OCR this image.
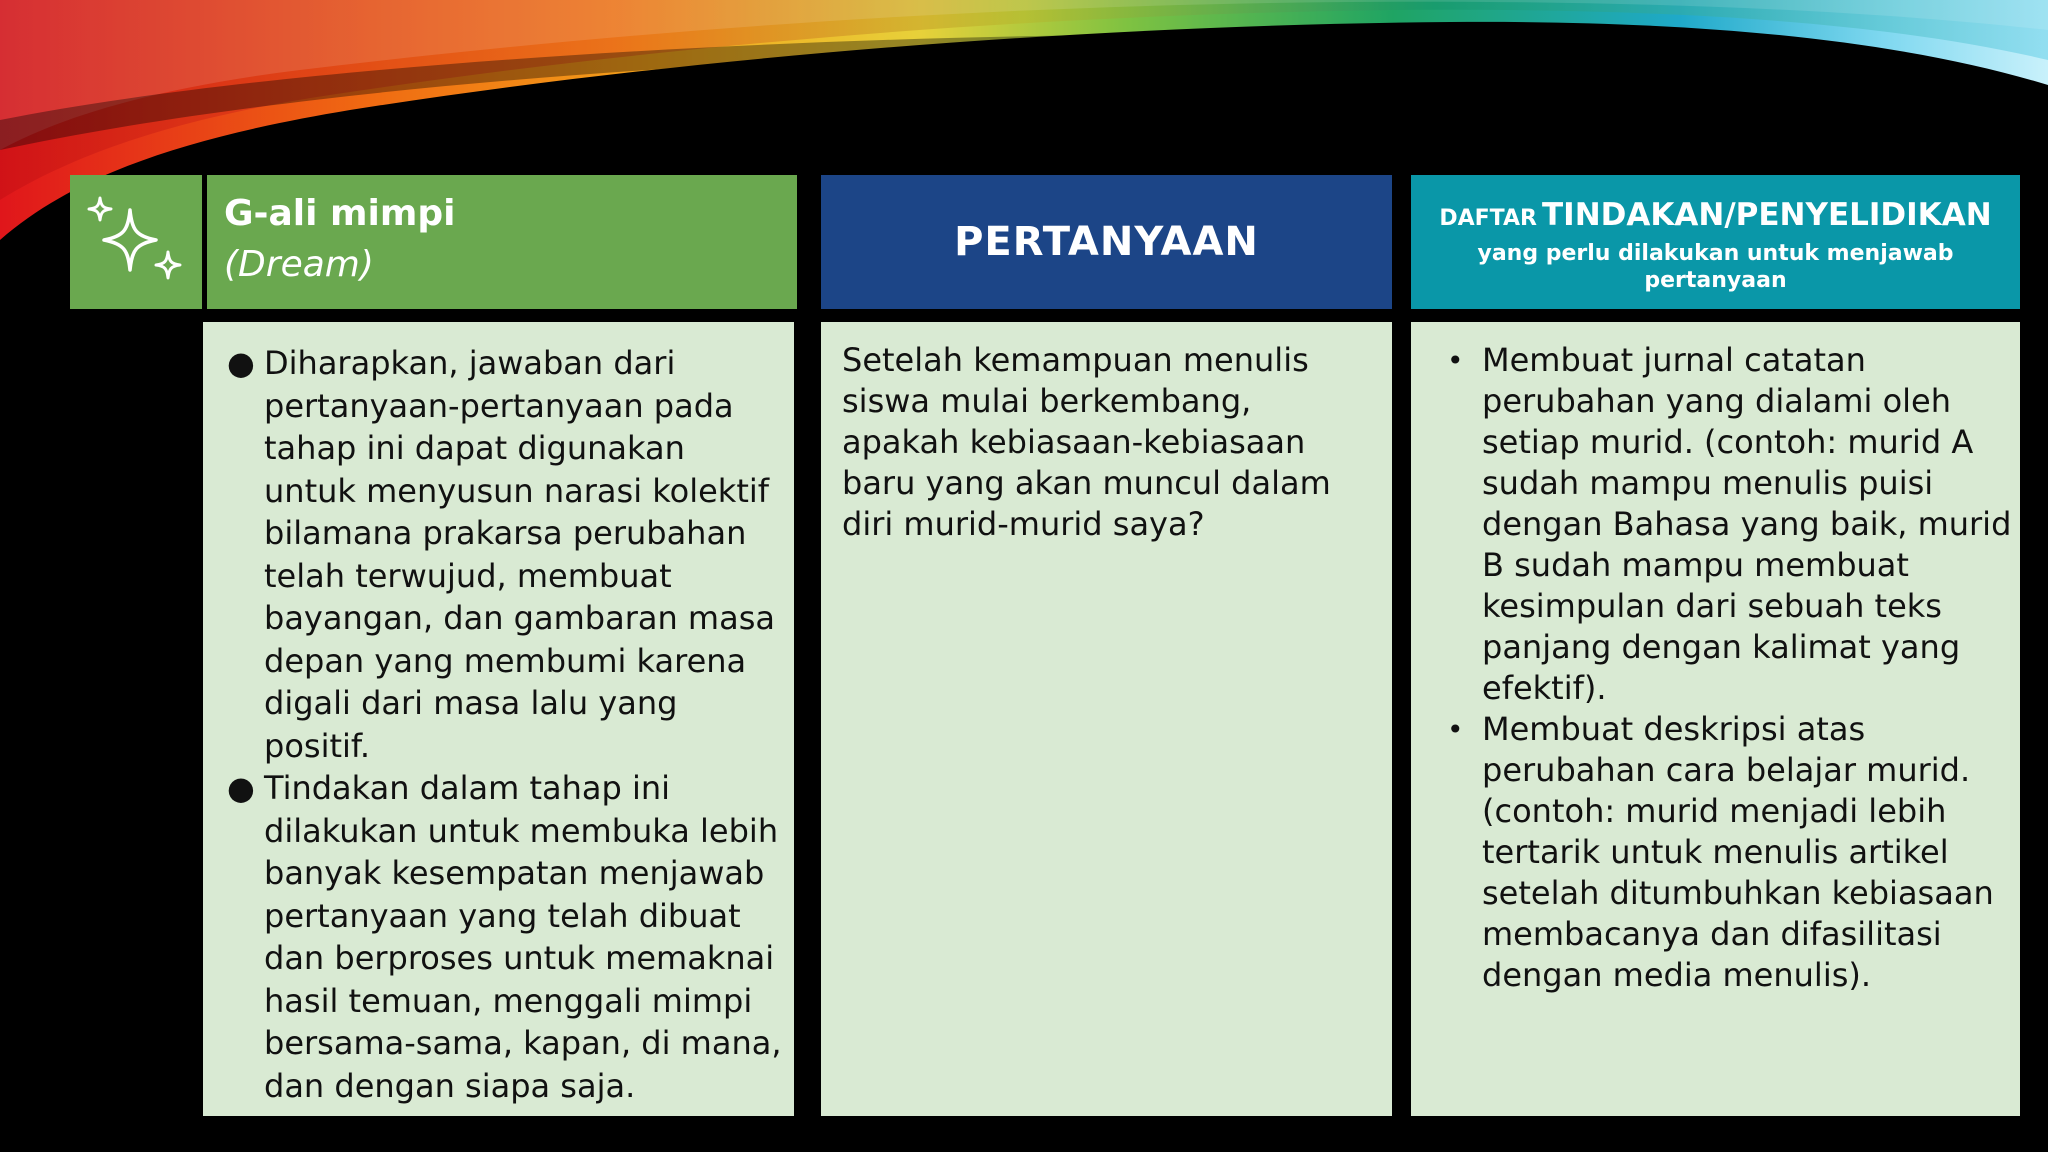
G-ali mimpi
(Dream)	PERTANYAAN
DAFTAR TINDAKAN/PENYELIDIKAN
yang perlu dilakukan untuk menjawab pertanyaan
● Diharapkan, jawaban dari pertanyaan-pertanyaan pada tahap ini dapat digunakan untuk menyusun narasi kolektif bilamana prakarsa perubahan telah terwujud, membuat bayangan, dan gambaran masa depan yang membumi karena digali dari masa lalu yang positif.
● Tindakan dalam tahap ini dilakukan untuk membuka lebih banyak kesempatan menjawab pertanyaan yang telah dibuat dan berproses untuk memaknai hasil temuan, menggali mimpi bersama-sama, kapan, di mana, dan dengan siapa saja.
Setelah kemampuan menulis siswa mulai berkembang, apakah kebiasaan-kebiasaan baru yang akan muncul dalam diri murid-murid saya?
• Membuat jurnal catatan perubahan yang dialami oleh setiap murid. (contoh: murid A sudah mampu menulis puisi dengan Bahasa yang baik, murid B sudah mampu membuat kesimpulan dari sebuah teks panjang dengan kalimat yang efektif).
• Membuat deskripsi atas perubahan cara belajar murid. (contoh: murid menjadi lebih tertarik untuk menulis artikel setelah ditumbuhkan kebiasaan membacanya dan difasilitasi dengan media menulis).
